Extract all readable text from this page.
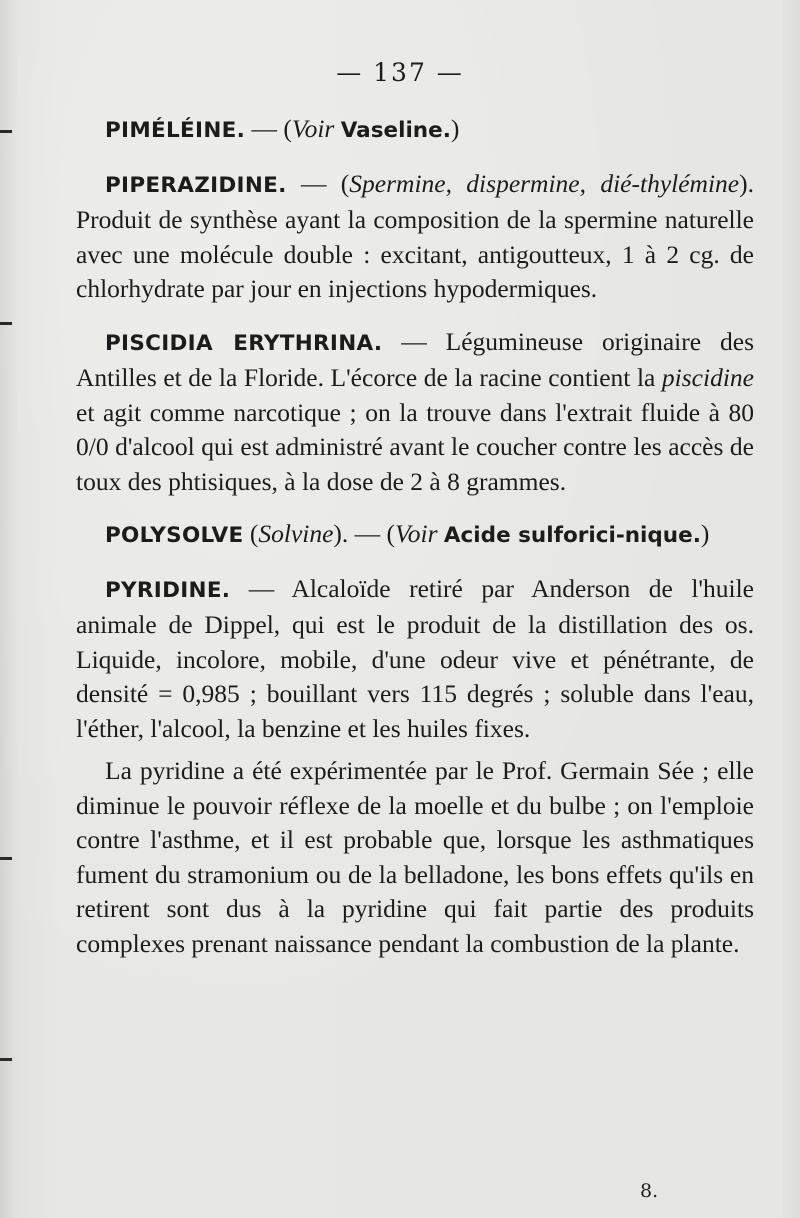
— 137 —

PIMÉLÉINE. — (Voir Vaseline.)

PIPERAZIDINE. — (Spermine, dispermine, dié-thylémine). Produit de synthèse ayant la composition de la spermine naturelle avec une molécule double : excitant, antigoutteux, 1 à 2 cg. de chlorhydrate par jour en injections hypodermiques.

PISCIDIA ERYTHRINA. — Légumineuse originaire des Antilles et de la Floride. L'écorce de la racine contient la piscidine et agit comme narcotique ; on la trouve dans l'extrait fluide à 80 0/0 d'alcool qui est administré avant le coucher contre les accès de toux des phtisiques, à la dose de 2 à 8 grammes.

POLYSOLVE (Solvine). — (Voir Acide sulforici-nique.)

PYRIDINE. — Alcaloïde retiré par Anderson de l'huile animale de Dippel, qui est le produit de la distillation des os. Liquide, incolore, mobile, d'une odeur vive et pénétrante, de densité = 0,985 ; bouillant vers 115 degrés ; soluble dans l'eau, l'éther, l'alcool, la benzine et les huiles fixes.

La pyridine a été expérimentée par le Prof. Germain Sée ; elle diminue le pouvoir réflexe de la moelle et du bulbe ; on l'emploie contre l'asthme, et il est probable que, lorsque les asthmatiques fument du stramonium ou de la belladone, les bons effets qu'ils en retirent sont dus à la pyridine qui fait partie des produits complexes prenant naissance pendant la combustion de la plante.

8.
